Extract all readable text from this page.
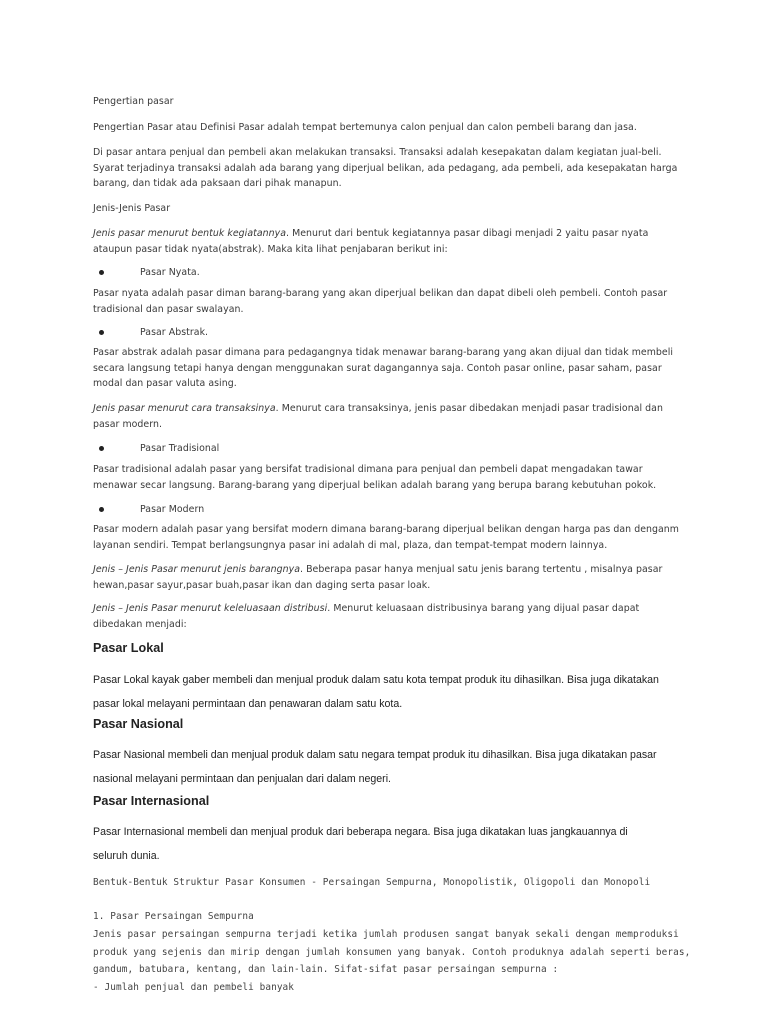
Pengertian pasar

Pengertian Pasar atau Definisi Pasar adalah tempat bertemunya calon penjual dan calon pembeli barang dan jasa.

Di pasar antara penjual dan pembeli akan melakukan transaksi. Transaksi adalah kesepakatan dalam kegiatan jual-beli. Syarat terjadinya transaksi adalah ada barang yang diperjual belikan, ada pedagang, ada pembeli, ada kesepakatan harga barang, dan tidak ada paksaan dari pihak manapun.

Jenis-Jenis Pasar

Jenis pasar menurut bentuk kegiatannya. Menurut dari bentuk kegiatannya pasar dibagi menjadi 2 yaitu pasar nyata ataupun pasar tidak nyata(abstrak). Maka kita lihat penjabaran berikut ini:

Pasar Nyata.

Pasar nyata adalah pasar diman barang-barang yang akan diperjual belikan dan dapat dibeli oleh pembeli. Contoh pasar tradisional dan pasar swalayan.

Pasar Abstrak.

Pasar abstrak adalah pasar dimana para pedagangnya tidak menawar barang-barang yang akan dijual dan tidak membeli secara langsung tetapi hanya dengan menggunakan surat dagangannya saja. Contoh pasar online, pasar saham, pasar modal dan pasar valuta asing.

Jenis pasar menurut cara transaksinya. Menurut cara transaksinya, jenis pasar dibedakan menjadi pasar tradisional dan pasar modern.

Pasar Tradisional

Pasar tradisional adalah pasar yang bersifat tradisional dimana para penjual dan pembeli dapat mengadakan tawar menawar secar langsung. Barang-barang yang diperjual belikan adalah barang yang berupa barang kebutuhan pokok.

Pasar Modern

Pasar modern adalah pasar yang bersifat modern dimana barang-barang diperjual belikan dengan harga pas dan denganm layanan sendiri. Tempat berlangsungnya pasar ini adalah di mal, plaza, dan tempat-tempat modern lainnya.

Jenis – Jenis Pasar menurut jenis barangnya. Beberapa pasar hanya menjual satu jenis barang tertentu , misalnya pasar hewan,pasar sayur,pasar buah,pasar ikan dan daging serta pasar loak.

Jenis – Jenis Pasar menurut keleluasaan distribusi. Menurut keluasaan distribusinya barang yang dijual pasar dapat dibedakan menjadi:

Pasar Lokal

Pasar Lokal kayak gaber membeli dan menjual produk dalam satu kota tempat produk itu dihasilkan. Bisa juga dikatakan pasar lokal melayani permintaan dan penawaran dalam satu kota.

Pasar Nasional

Pasar Nasional membeli dan menjual produk dalam satu negara tempat produk itu dihasilkan. Bisa juga dikatakan pasar nasional melayani permintaan dan penjualan dari dalam negeri.

Pasar Internasional

Pasar Internasional membeli dan menjual produk dari beberapa negara. Bisa juga dikatakan luas jangkauannya di seluruh dunia.

Bentuk-Bentuk Struktur Pasar Konsumen - Persaingan Sempurna, Monopolistik, Oligopoli dan Monopoli

1. Pasar Persaingan Sempurna

Jenis pasar persaingan sempurna terjadi ketika jumlah produsen sangat banyak sekali dengan memproduksi produk yang sejenis dan mirip dengan jumlah konsumen yang banyak. Contoh produknya adalah seperti beras, gandum, batubara, kentang, dan lain-lain. Sifat-sifat pasar persaingan sempurna :

- Jumlah penjual dan pembeli banyak
